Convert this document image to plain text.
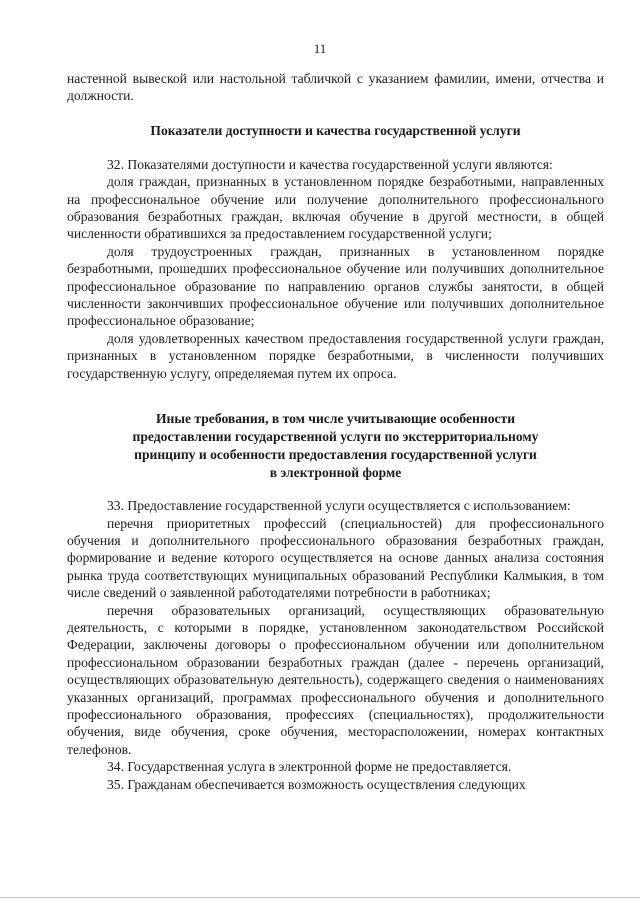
11

настенной вывеской или настольной табличкой с указанием фамилии, имени, отчества и должности.

Показатели доступности и качества государственной услуги

32. Показателями доступности и качества государственной услуги являются:

доля граждан, признанных в установленном порядке безработными, направленных на профессиональное обучение или получение дополнительного профессионального образования безработных граждан, включая обучение в другой местности, в общей численности обратившихся за предоставлением государственной услуги;

доля трудоустроенных граждан, признанных в установленном порядке безработными, прошедших профессиональное обучение или получивших дополнительное профессиональное образование по направлению органов службы занятости, в общей численности закончивших профессиональное обучение или получивших дополнительное профессиональное образование;

доля удовлетворенных качеством предоставления государственной услуги граждан, признанных в установленном порядке безработными, в численности получивших государственную услугу, определяемая путем их опроса.

Иные требования, в том числе учитывающие особенности
предоставлении государственной услуги по экстерриториальному
принципу и особенности предоставления государственной услуги
в электронной форме

33. Предоставление государственной услуги осуществляется с использованием:

перечня приоритетных профессий (специальностей) для профессионального обучения и дополнительного профессионального образования безработных граждан, формирование и ведение которого осуществляется на основе данных анализа состояния рынка труда соответствующих муниципальных образований Республики Калмыкия, в том числе сведений о заявленной работодателями потребности в работниках;

перечня образовательных организаций, осуществляющих образовательную деятельность, с которыми в порядке, установленном законодательством Российской Федерации, заключены договоры о профессиональном обучении или дополнительном профессиональном образовании безработных граждан (далее - перечень организаций, осуществляющих образовательную деятельность), содержащего сведения о наименованиях указанных организаций, программах профессионального обучения и дополнительного профессионального образования, профессиях (специальностях), продолжительности обучения, виде обучения, сроке обучения, месторасположении, номерах контактных телефонов.

34. Государственная услуга в электронной форме не предоставляется.

35. Гражданам обеспечивается возможность осуществления следующих
